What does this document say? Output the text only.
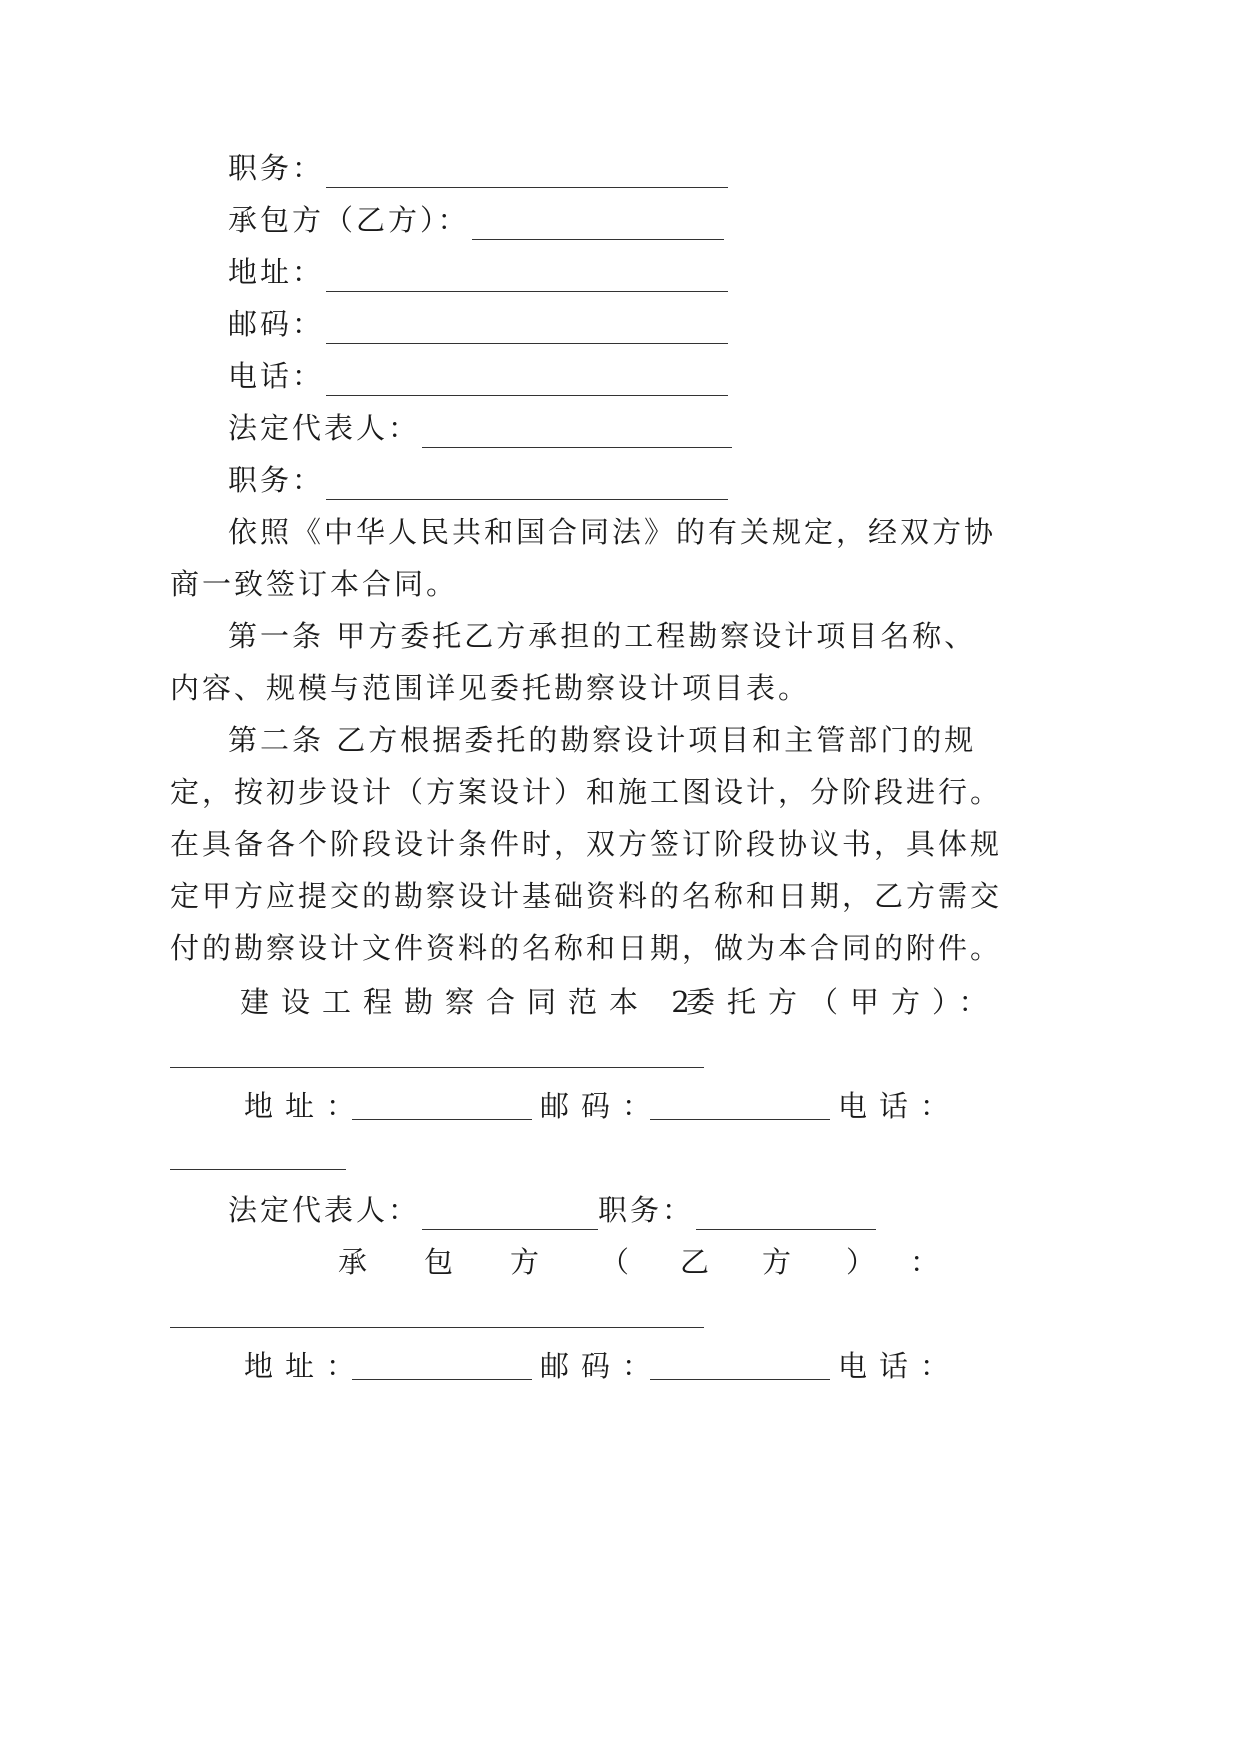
职务：
承包方（乙方）：
地址：
邮码：
电话：
法定代表人：
职务：
依照《中华人民共和国合同法》的有关规定，经双方协
商一致签订本合同。
第一条 甲方委托乙方承担的工程勘察设计项目名称、
内容、规模与范围详见委托勘察设计项目表。
第二条 乙方根据委托的勘察设计项目和主管部门的规
定，按初步设计（方案设计）和施工图设计，分阶段进行。
在具备各个阶段设计条件时，双方签订阶段协议书，具体规
定甲方应提交的勘察设计基础资料的名称和日期，乙方需交
付的勘察设计文件资料的名称和日期，做为本合同的附件。
建设工程勘察合同范本 2
委托方（甲方）：
地址：	邮码：	电话：
法定代表人：	职务：
承 包 方 （ 乙 方 ） ：
地址：	邮码：	电话：
